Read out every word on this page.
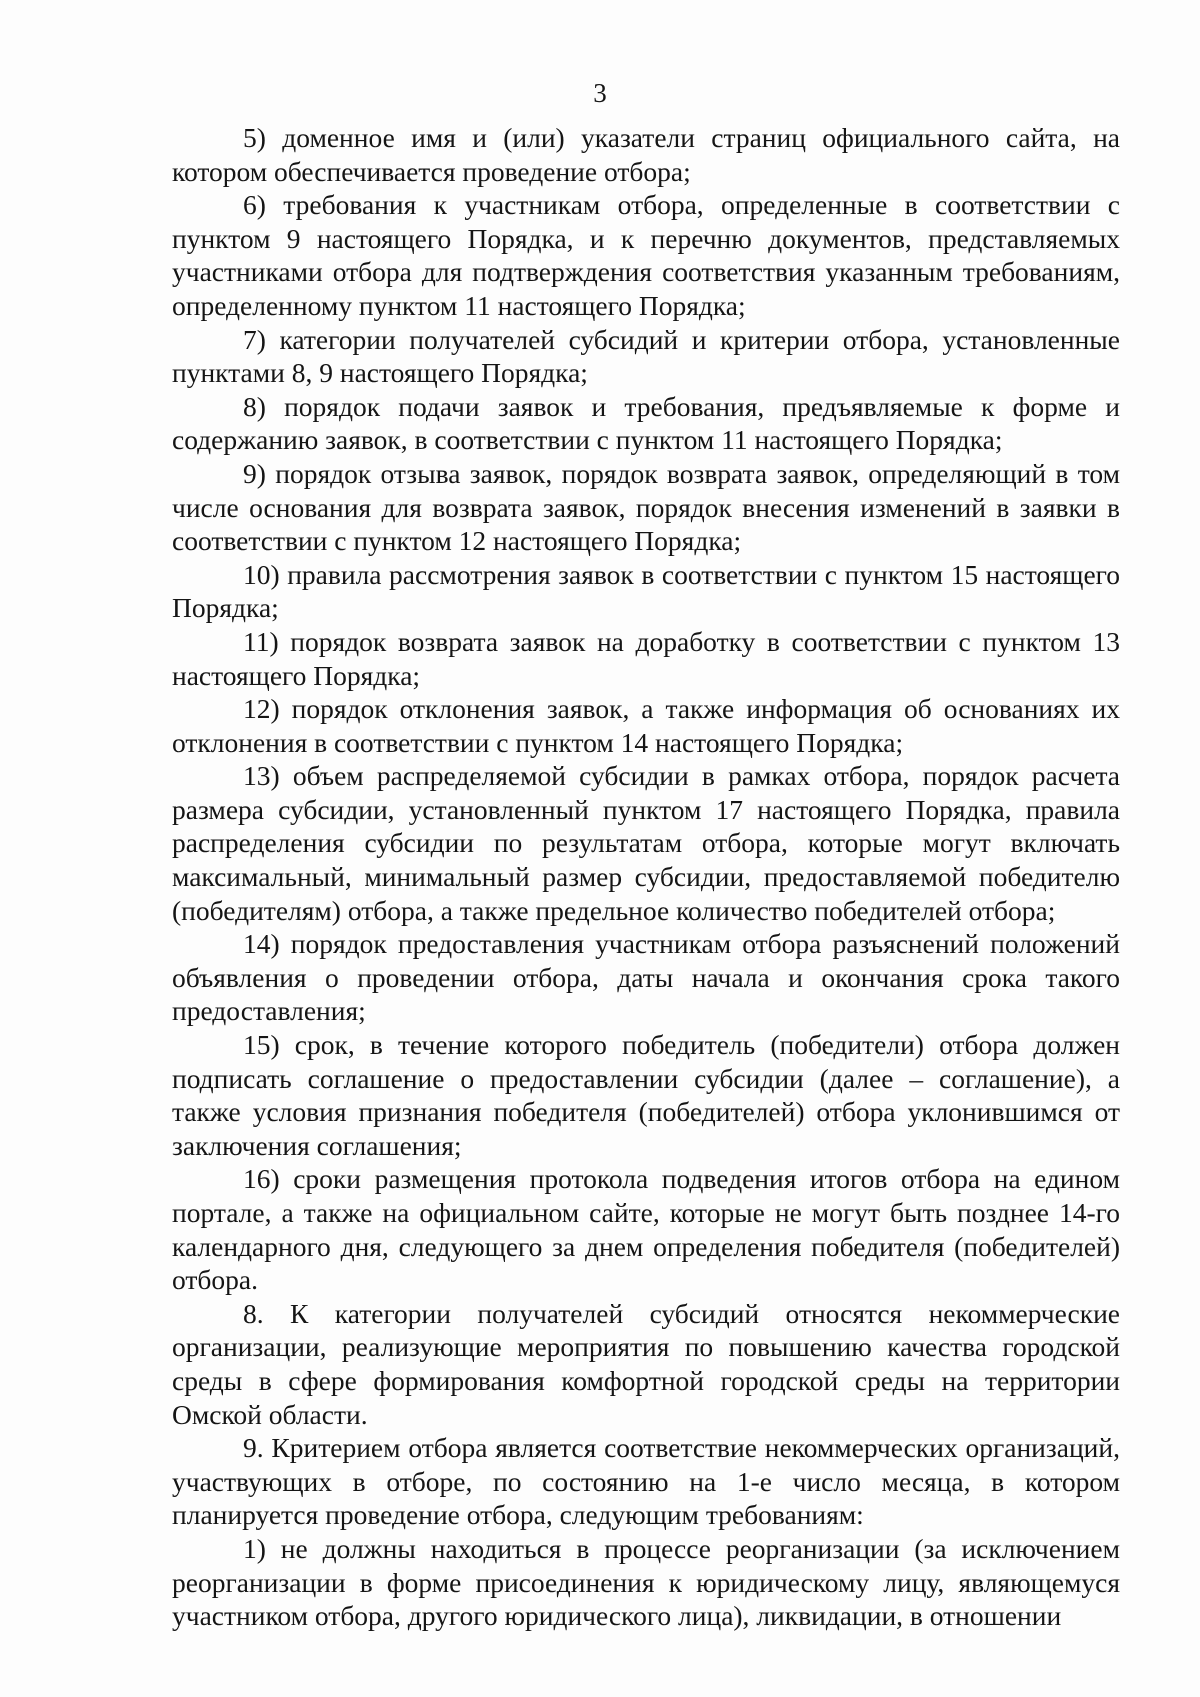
3

5) доменное имя и (или) указатели страниц официального сайта, на котором обеспечивается проведение отбора;

6) требования к участникам отбора, определенные в соответствии с пунктом 9 настоящего Порядка, и к перечню документов, представляемых участниками отбора для подтверждения соответствия указанным требованиям, определенному пунктом 11 настоящего Порядка;

7) категории получателей субсидий и критерии отбора, установленные пунктами 8, 9 настоящего Порядка;

8) порядок подачи заявок и требования, предъявляемые к форме и содержанию заявок, в соответствии с пунктом 11 настоящего Порядка;

9) порядок отзыва заявок, порядок возврата заявок, определяющий в том числе основания для возврата заявок, порядок внесения изменений в заявки в соответствии с пунктом 12 настоящего Порядка;

10) правила рассмотрения заявок в соответствии с пунктом 15 настоящего Порядка;

11) порядок возврата заявок на доработку в соответствии с пунктом 13 настоящего Порядка;

12) порядок отклонения заявок, а также информация об основаниях их отклонения в соответствии с пунктом 14 настоящего Порядка;

13) объем распределяемой субсидии в рамках отбора, порядок расчета размера субсидии, установленный пунктом 17 настоящего Порядка, правила распределения субсидии по результатам отбора, которые могут включать максимальный, минимальный размер субсидии, предоставляемой победителю (победителям) отбора, а также предельное количество победителей отбора;

14) порядок предоставления участникам отбора разъяснений положений объявления о проведении отбора, даты начала и окончания срока такого предоставления;

15) срок, в течение которого победитель (победители) отбора должен подписать соглашение о предоставлении субсидии (далее – соглашение), а также условия признания победителя (победителей) отбора уклонившимся от заключения соглашения;

16) сроки размещения протокола подведения итогов отбора на едином портале, а также на официальном сайте, которые не могут быть позднее 14-го календарного дня, следующего за днем определения победителя (победителей) отбора.

8. К категории получателей субсидий относятся некоммерческие организации, реализующие мероприятия по повышению качества городской среды в сфере формирования комфортной городской среды на территории Омской области.

9. Критерием отбора является соответствие некоммерческих организаций, участвующих в отборе, по состоянию на 1-е число месяца, в котором планируется проведение отбора, следующим требованиям:

1) не должны находиться в процессе реорганизации (за исключением реорганизации в форме присоединения к юридическому лицу, являющемуся участником отбора, другого юридического лица), ликвидации, в отношении
